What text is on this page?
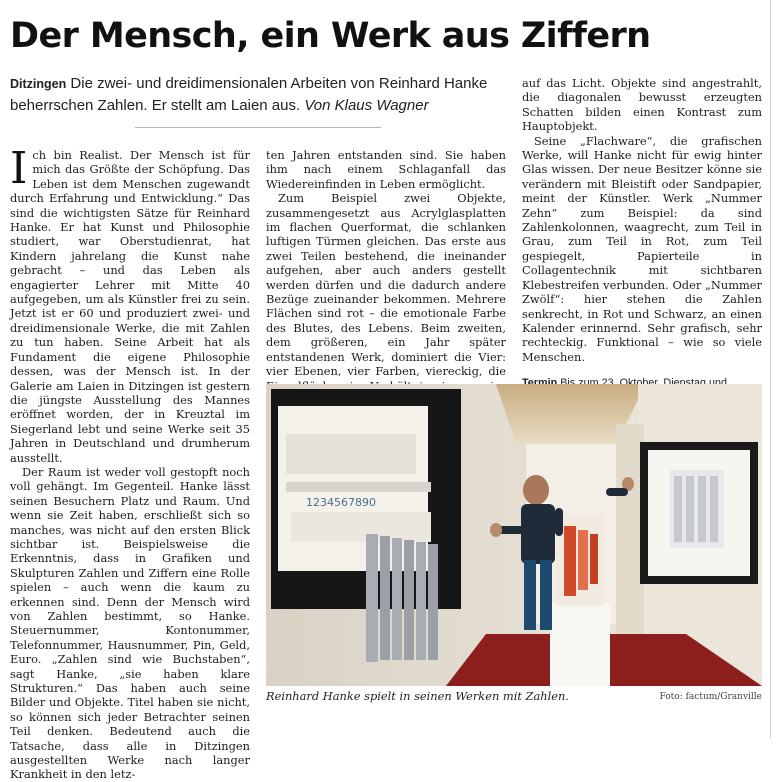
Der Mensch, ein Werk aus Ziffern

Ditzingen Die zwei- und dreidimensionalen Arbeiten von Reinhard Hanke beherrschen Zahlen. Er stellt am Laien aus. Von Klaus Wagner

Ich bin Realist. Der Mensch ist für mich das Größte der Schöpfung. Das Leben ist dem Menschen zugewandt durch Erfahrung und Entwicklung.“ Das sind die wichtigsten Sätze für Reinhard Hanke. Er hat Kunst und Philosophie studiert, war Oberstudienrat, hat Kindern jahrelang die Kunst nahe gebracht – und das Leben als engagierter Lehrer mit Mitte 40 aufgegeben, um als Künstler frei zu sein. Jetzt ist er 60 und produziert zwei- und dreidimensionale Werke, die mit Zahlen zu tun haben. Seine Arbeit hat als Fundament die eigene Philosophie dessen, was der Mensch ist. In der Galerie am Laien in Ditzingen ist gestern die jüngste Ausstellung des Mannes eröffnet worden, der in Kreuztal im Siegerland lebt und seine Werke seit 35 Jahren in Deutschland und drumherum ausstellt.

Der Raum ist weder voll gestopft noch voll gehängt. Im Gegenteil. Hanke lässt seinen Besuchern Platz und Raum. Und wenn sie Zeit haben, erschließt sich so manches, was nicht auf den ersten Blick sichtbar ist. Beispielsweise die Erkenntnis, dass in Grafiken und Skulpturen Zahlen und Ziffern eine Rolle spielen – auch wenn die kaum zu erkennen sind. Denn der Mensch wird von Zahlen bestimmt, so Hanke. Steuernummer, Kontonummer, Telefonnummer, Hausnummer, Pin, Geld, Euro. „Zahlen sind wie Buchstaben“, sagt Hanke, „sie haben klare Strukturen.“ Das haben auch seine Bilder und Objekte. Titel haben sie nicht, so können sich jeder Betrachter seinen Teil denken. Bedeutend auch die Tatsache, dass alle in Ditzingen ausgestellten Werke nach langer Krankheit in den letz-

ten Jahren entstanden sind. Sie haben ihm nach einem Schlaganfall das Wiedereinfinden in Leben ermöglicht.

Zum Beispiel zwei Objekte, zusammengesetzt aus Acrylglasplatten im flachen Querformat, die schlanken luftigen Türmen gleichen. Das erste aus zwei Teilen bestehend, die ineinander aufgehen, aber auch anders gestellt werden dürfen und die dadurch andere Bezüge zueinander bekommen. Mehrere Flächen sind rot – die emotionale Farbe des Blutes, des Lebens. Beim zweiten, dem größeren, ein Jahr später entstandenen Werk, dominiert die Vier: vier Ebenen, vier Farben, viereckig, die

auf das Licht. Objekte sind angestrahlt, die diagonalen bewusst erzeugten Schatten bilden einen Kontrast zum Hauptobjekt.

Seine „Flachware“, die grafischen Werke, will Hanke nicht für ewig hinter Glas wissen. Der neue Besitzer könne sie verändern mit Bleistift oder Sandpapier, meint der Künstler. Werk „Nummer Zehn“ zum Beispiel: da sind Zahlenkolonnen, waagrecht, zum Teil in Grau, zum Teil in Rot, zum Teil gespiegelt, Papierteile in Collagentechnik mit sichtbaren Klebestreifen verbunden. Oder „Nummer Zwölf“: hier stehen die Zahlen senkrecht, in Rot und Schwarz, an einen Kalender erinnernd. Sehr grafisch, sehr rechteckig. Funktional – wie so viele Menschen.

1234567890

Reinhard Hanke spielt in seinen Werken mit Zahlen.	Foto: factum/Granville
